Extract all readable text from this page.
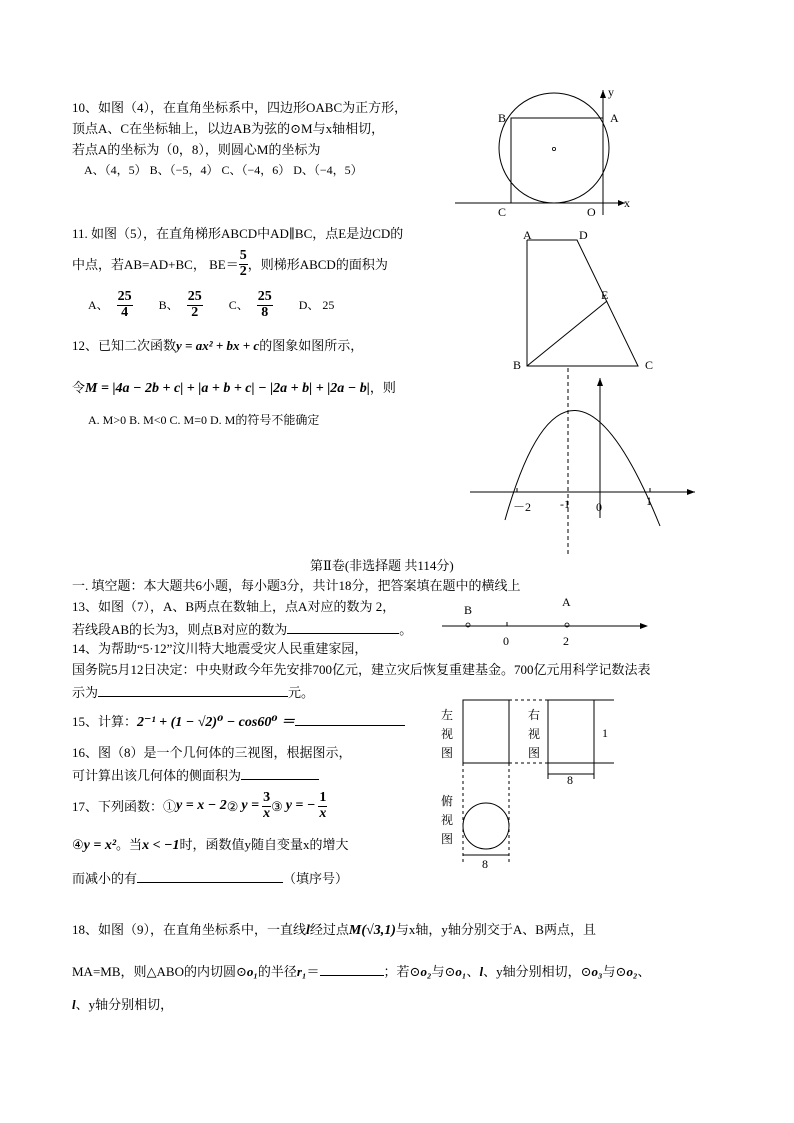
10、如图（4），在直角坐标系中，四边形OABC为正方形，
顶点A、C在坐标轴上，以边AB为弦的⊙M与x轴相切，
若点A的坐标为（0，8），则圆心M的坐标为
A、（4，5） B、（−5，4） C、（−4，6） D、（−4，5）
B	A
C	O
x
y
11. 如图（5），在直角梯形ABCD中AD∥BC，点E是边CD的
中点，若AB=AD+BC， $BE= \frac{5}{2}$ ，则梯形ABCD的面积为
A、 $\frac{25}{4}$ B、 $\frac{25}{2}$ C、 $\frac{25}{8}$ D、 25
A	D
E
B	C
12、已知二次函数y = ax² + bx + c的图象如图所示，
令M = |4a − 2b + c| + |a + b + c| − |2a + b| + |2a − b|，则
A. M>0 B. M<0 C. M=0 D. M的符号不能确定
－2 -1 0	1
第Ⅱ卷(非选择题 共114分)
一. 填空题：本大题共6小题，每小题3分，共计18分，把答案填在题中的横线上
13、如图（7），A、B两点在数轴上，点A对应的数为 2，
若线段AB的长为3，则点B对应的数为	。
B
A
0	2
14、为帮助“5·12”汶川特大地震受灾人民重建家园，
国务院5月12日决定：中央财政今年先安排700亿元，建立灾后恢复重建基金。700亿元用科学记数法表
示为	元。
15、计算：2⁻¹ + (1 − √2)⁰ − cos60⁰ ＝
16、图（8）是一个几何体的三视图，根据图示，
可计算出该几何体的侧面积为
左
视
图
右
视
图
俯
视
图
1
8
8
17、下列函数：① y = x − 2 ② $y = \frac{3}{x}$ ③ y = − $\frac{1}{x}$
④y = x²。当x < −1时，函数值y随自变量x的增大
而减小的有	（填序号）
18、如图（9），在直角坐标系中，一直线l经过点M(√3,1)与x轴，y轴分别交于A、B两点，且
MA=MB，则△ABO的内切圆⊙o₁的半径r₁＝	；若⊙o₂与⊙o₁、l、y轴分别相切，⊙o₃与⊙o₂、
l、y轴分别相切，
